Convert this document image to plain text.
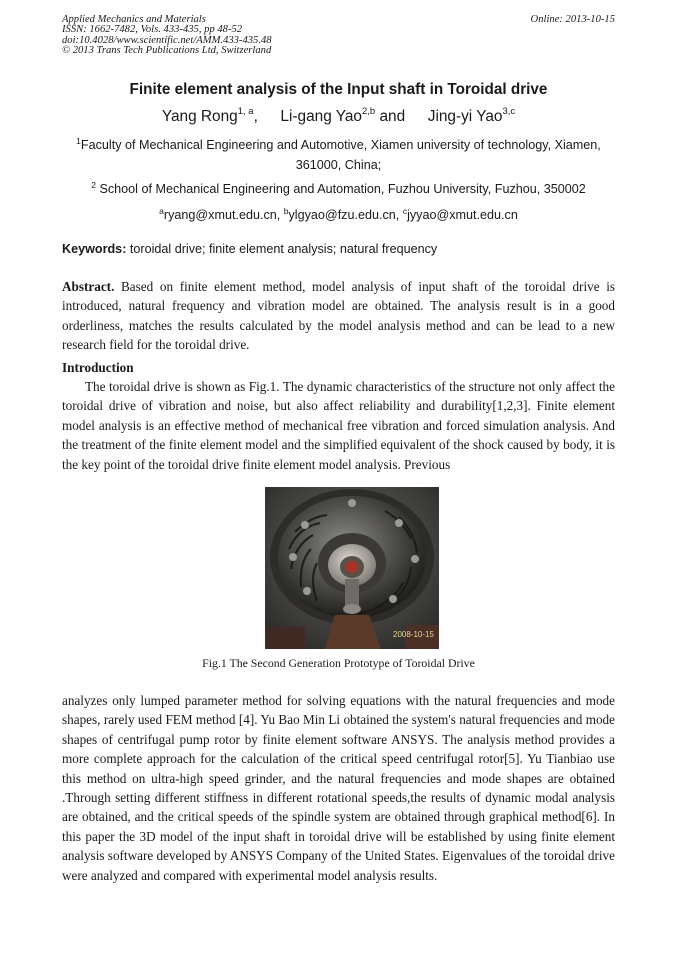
Applied Mechanics and Materials
ISSN: 1662-7482, Vols. 433-435, pp 48-52
doi:10.4028/www.scientific.net/AMM.433-435.48
© 2013 Trans Tech Publications Ltd, Switzerland
Online: 2013-10-15
Finite element analysis of the Input shaft in Toroidal drive
Yang Rong$^{1, a}$, Li-gang Yao$^{2,b}$ and Jing-yi Yao$^{3,c}$
$^1$Faculty of Mechanical Engineering and Automotive, Xiamen university of technology, Xiamen, 361000, China;
$^2$ School of Mechanical Engineering and Automation, Fuzhou University, Fuzhou, 350002
$^a$ryang@xmut.edu.cn, $^b$ylgyao@fzu.edu.cn, $^c$jyyao@xmut.edu.cn
Keywords: toroidal drive; finite element analysis; natural frequency
Abstract. Based on finite element method, model analysis of input shaft of the toroidal drive is introduced, natural frequency and vibration model are obtained. The analysis result is in a good orderliness, matches the results calculated by the model analysis method and can be lead to a new research field for the toroidal drive.
Introduction
The toroidal drive is shown as Fig.1. The dynamic characteristics of the structure not only affect the toroidal drive of vibration and noise, but also affect reliability and durability[1,2,3]. Finite element model analysis is an effective method of mechanical free vibration and forced simulation analysis. And the treatment of the finite element model and the simplified equivalent of the shock caused by body, it is the key point of the toroidal drive finite element model analysis. Previous
2008-10-15
Fig.1 The Second Generation Prototype of Toroidal Drive
analyzes only lumped parameter method for solving equations with the natural frequencies and mode shapes, rarely used FEM method [4]. Yu Bao Min Li obtained the system's natural frequencies and mode shapes of centrifugal pump rotor by finite element software ANSYS. The analysis method provides a more complete approach for the calculation of the critical speed centrifugal rotor[5]. Yu Tianbiao use this method on ultra-high speed grinder, and the natural frequencies and mode shapes are obtained .Through setting different stiffness in different rotational speeds,the results of dynamic modal analysis are obtained, and the critical speeds of the spindle system are obtained through graphical method[6]. In this paper the 3D model of the input shaft in toroidal drive will be established by using finite element analysis software developed by ANSYS Company of the United States. Eigenvalues of the toroidal drive were analyzed and compared with experimental model analysis results.
